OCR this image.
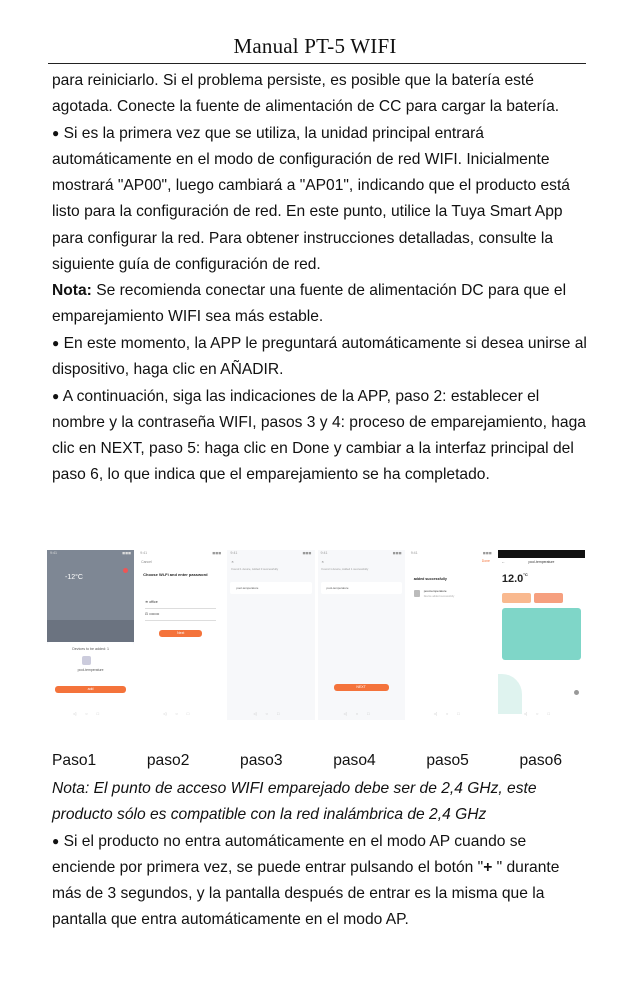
Manual PT-5 WIFI

para reiniciarlo. Si el problema persiste, es posible que la batería esté agotada. Conecte la fuente de alimentación de CC para cargar la batería.

● Si es la primera vez que se utiliza, la unidad principal entrará automáticamente en el modo de configuración de red WIFI. Inicialmente mostrará "AP00", luego cambiará a "AP01", indicando que el producto está listo para la configuración de red. En este punto, utilice la Tuya Smart App para configurar la red. Para obtener instrucciones detalladas, consulte la siguiente guía de configuración de red.

Nota: Se recomienda conectar una fuente de alimentación DC para que el emparejamiento WIFI sea más estable.

● En este momento, la APP le preguntará automáticamente si desea unirse al dispositivo, haga clic en AÑADIR.

● A continuación, siga las indicaciones de la APP, paso 2: establecer el nombre y la contraseña WIFI, pasos 3 y 4: proceso de emparejamiento, haga clic en NEXT, paso 5: haga clic en Done y cambiar a la interfaz principal del paso 6, lo que indica que el emparejamiento se ha completado.

9:41	◼◼◼
-12°C
Devices to be added: 1
pool-temperature
add
◁○□
9:41	◼◼◼
Cancel
Choose Wi-Fi and enter password
≋ office
⊡ ••••••••
Next
◁○□
9:41	◼◼◼
×
Found 1 device, Added 0 successfully
pool-temperature
◁○□
9:41	◼◼◼
×
Found 1 device, Added 1 successfully
pool-temperature
NEXT
◁○□
9:41	◼◼◼
Done
added successfully
pool-temperature
Device added successfully
◁○□
←	pool-temperature
$12.0^{^\circ C}$
◁○□
Paso1	paso2	paso3	paso4	paso5	paso6

Nota: El punto de acceso WIFI emparejado debe ser de 2,4 GHz, este producto sólo es compatible con la red inalámbrica de 2,4 GHz

● Si el producto no entra automáticamente en el modo AP cuando se enciende por primera vez, se puede entrar pulsando el botón "+ " durante más de 3 segundos, y la pantalla después de entrar es la misma que la pantalla que entra automáticamente en el modo AP.
